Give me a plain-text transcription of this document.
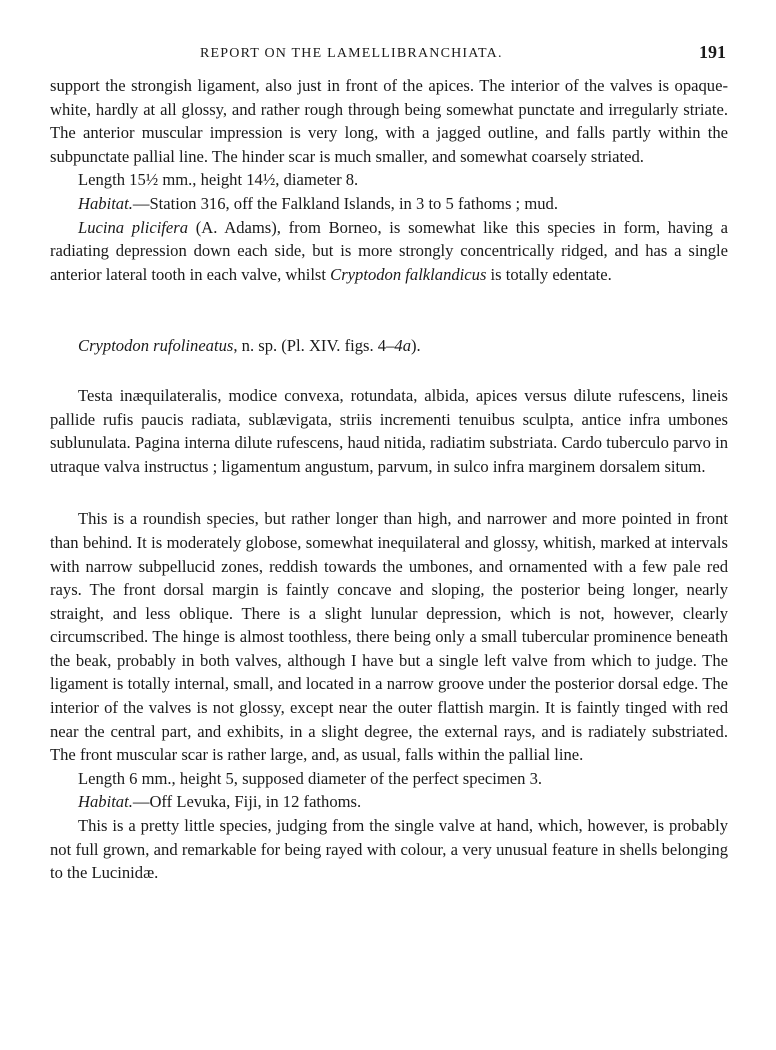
REPORT ON THE LAMELLIBRANCHIATA.	191

support the strongish ligament, also just in front of the apices. The interior of the valves is opaque-white, hardly at all glossy, and rather rough through being somewhat punctate and irregularly striate. The anterior muscular impression is very long, with a jagged outline, and falls partly within the subpunctate pallial line. The hinder scar is much smaller, and somewhat coarsely striated.

Length 15½ mm., height 14½, diameter 8.

Habitat.—Station 316, off the Falkland Islands, in 3 to 5 fathoms ; mud.

Lucina plicifera (A. Adams), from Borneo, is somewhat like this species in form, having a radiating depression down each side, but is more strongly concentrically ridged, and has a single anterior lateral tooth in each valve, whilst Cryptodon falklandicus is totally edentate.

Cryptodon rufolineatus, n. sp. (Pl. XIV. figs. 4–4a).

Testa inæquilateralis, modice convexa, rotundata, albida, apices versus dilute rufescens, lineis pallide rufis paucis radiata, sublævigata, striis incrementi tenuibus sculpta, antice infra umbones sublunulata. Pagina interna dilute rufescens, haud nitida, radiatim substriata. Cardo tuberculo parvo in utraque valva instructus ; ligamentum angustum, parvum, in sulco infra marginem dorsalem situm.

This is a roundish species, but rather longer than high, and narrower and more pointed in front than behind. It is moderately globose, somewhat inequilateral and glossy, whitish, marked at intervals with narrow subpellucid zones, reddish towards the umbones, and ornamented with a few pale red rays. The front dorsal margin is faintly concave and sloping, the posterior being longer, nearly straight, and less oblique. There is a slight lunular depression, which is not, however, clearly circumscribed. The hinge is almost toothless, there being only a small tubercular prominence beneath the beak, probably in both valves, although I have but a single left valve from which to judge. The ligament is totally internal, small, and located in a narrow groove under the posterior dorsal edge. The interior of the valves is not glossy, except near the outer flattish margin. It is faintly tinged with red near the central part, and exhibits, in a slight degree, the external rays, and is radiately substriated. The front muscular scar is rather large, and, as usual, falls within the pallial line.

Length 6 mm., height 5, supposed diameter of the perfect specimen 3.

Habitat.—Off Levuka, Fiji, in 12 fathoms.

This is a pretty little species, judging from the single valve at hand, which, however, is probably not full grown, and remarkable for being rayed with colour, a very unusual feature in shells belonging to the Lucinidæ.
